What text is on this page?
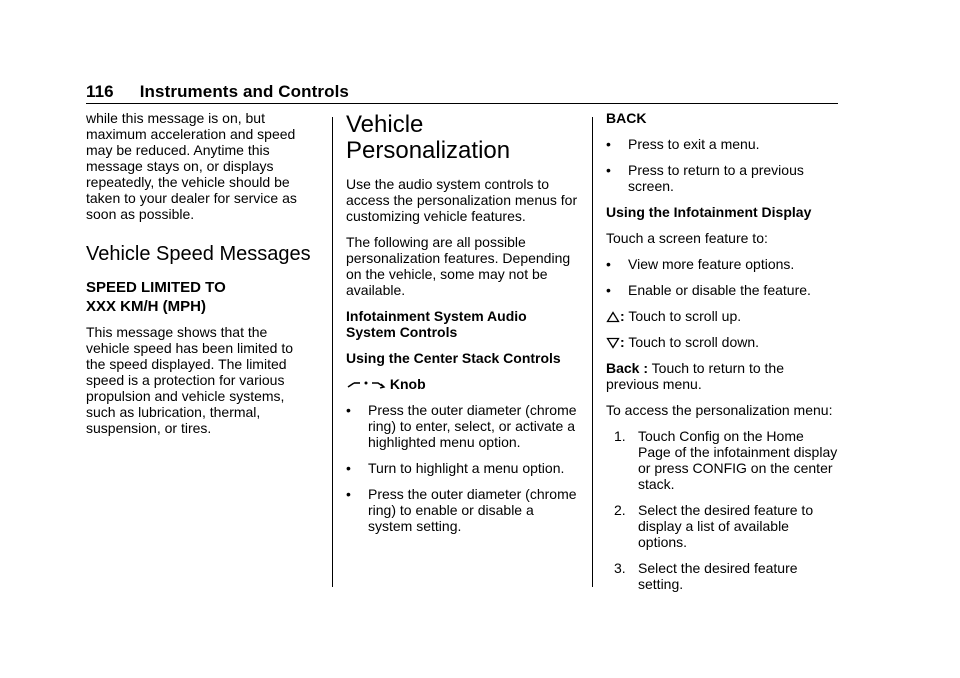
116 Instruments and Controls

while this message is on, but maximum acceleration and speed may be reduced. Anytime this message stays on, or displays repeatedly, the vehicle should be taken to your dealer for service as soon as possible.

Vehicle Speed Messages
SPEED LIMITED TO
XXX KM/H (MPH)

This message shows that the vehicle speed has been limited to the speed displayed. The limited speed is a protection for various propulsion and vehicle systems, such as lubrication, thermal, suspension, or tires.

Vehicle
Personalization

Use the audio system controls to access the personalization menus for customizing vehicle features.

The following are all possible personalization features. Depending on the vehicle, some may not be available.

Infotainment System Audio System Controls

Using the Center Stack Controls

Knob

• Press the outer diameter (chrome ring) to enter, select, or activate a highlighted menu option.
• Turn to highlight a menu option.
• Press the outer diameter (chrome ring) to enable or disable a system setting.

BACK

• Press to exit a menu.
• Press to return to a previous screen.

Using the Infotainment Display

Touch a screen feature to:

• View more feature options.
• Enable or disable the feature.

: Touch to scroll up.

: Touch to scroll down.

Back : Touch to return to the previous menu.

To access the personalization menu:

1. Touch Config on the Home Page of the infotainment display or press CONFIG on the center stack.
2. Select the desired feature to display a list of available options.
3. Select the desired feature setting.
